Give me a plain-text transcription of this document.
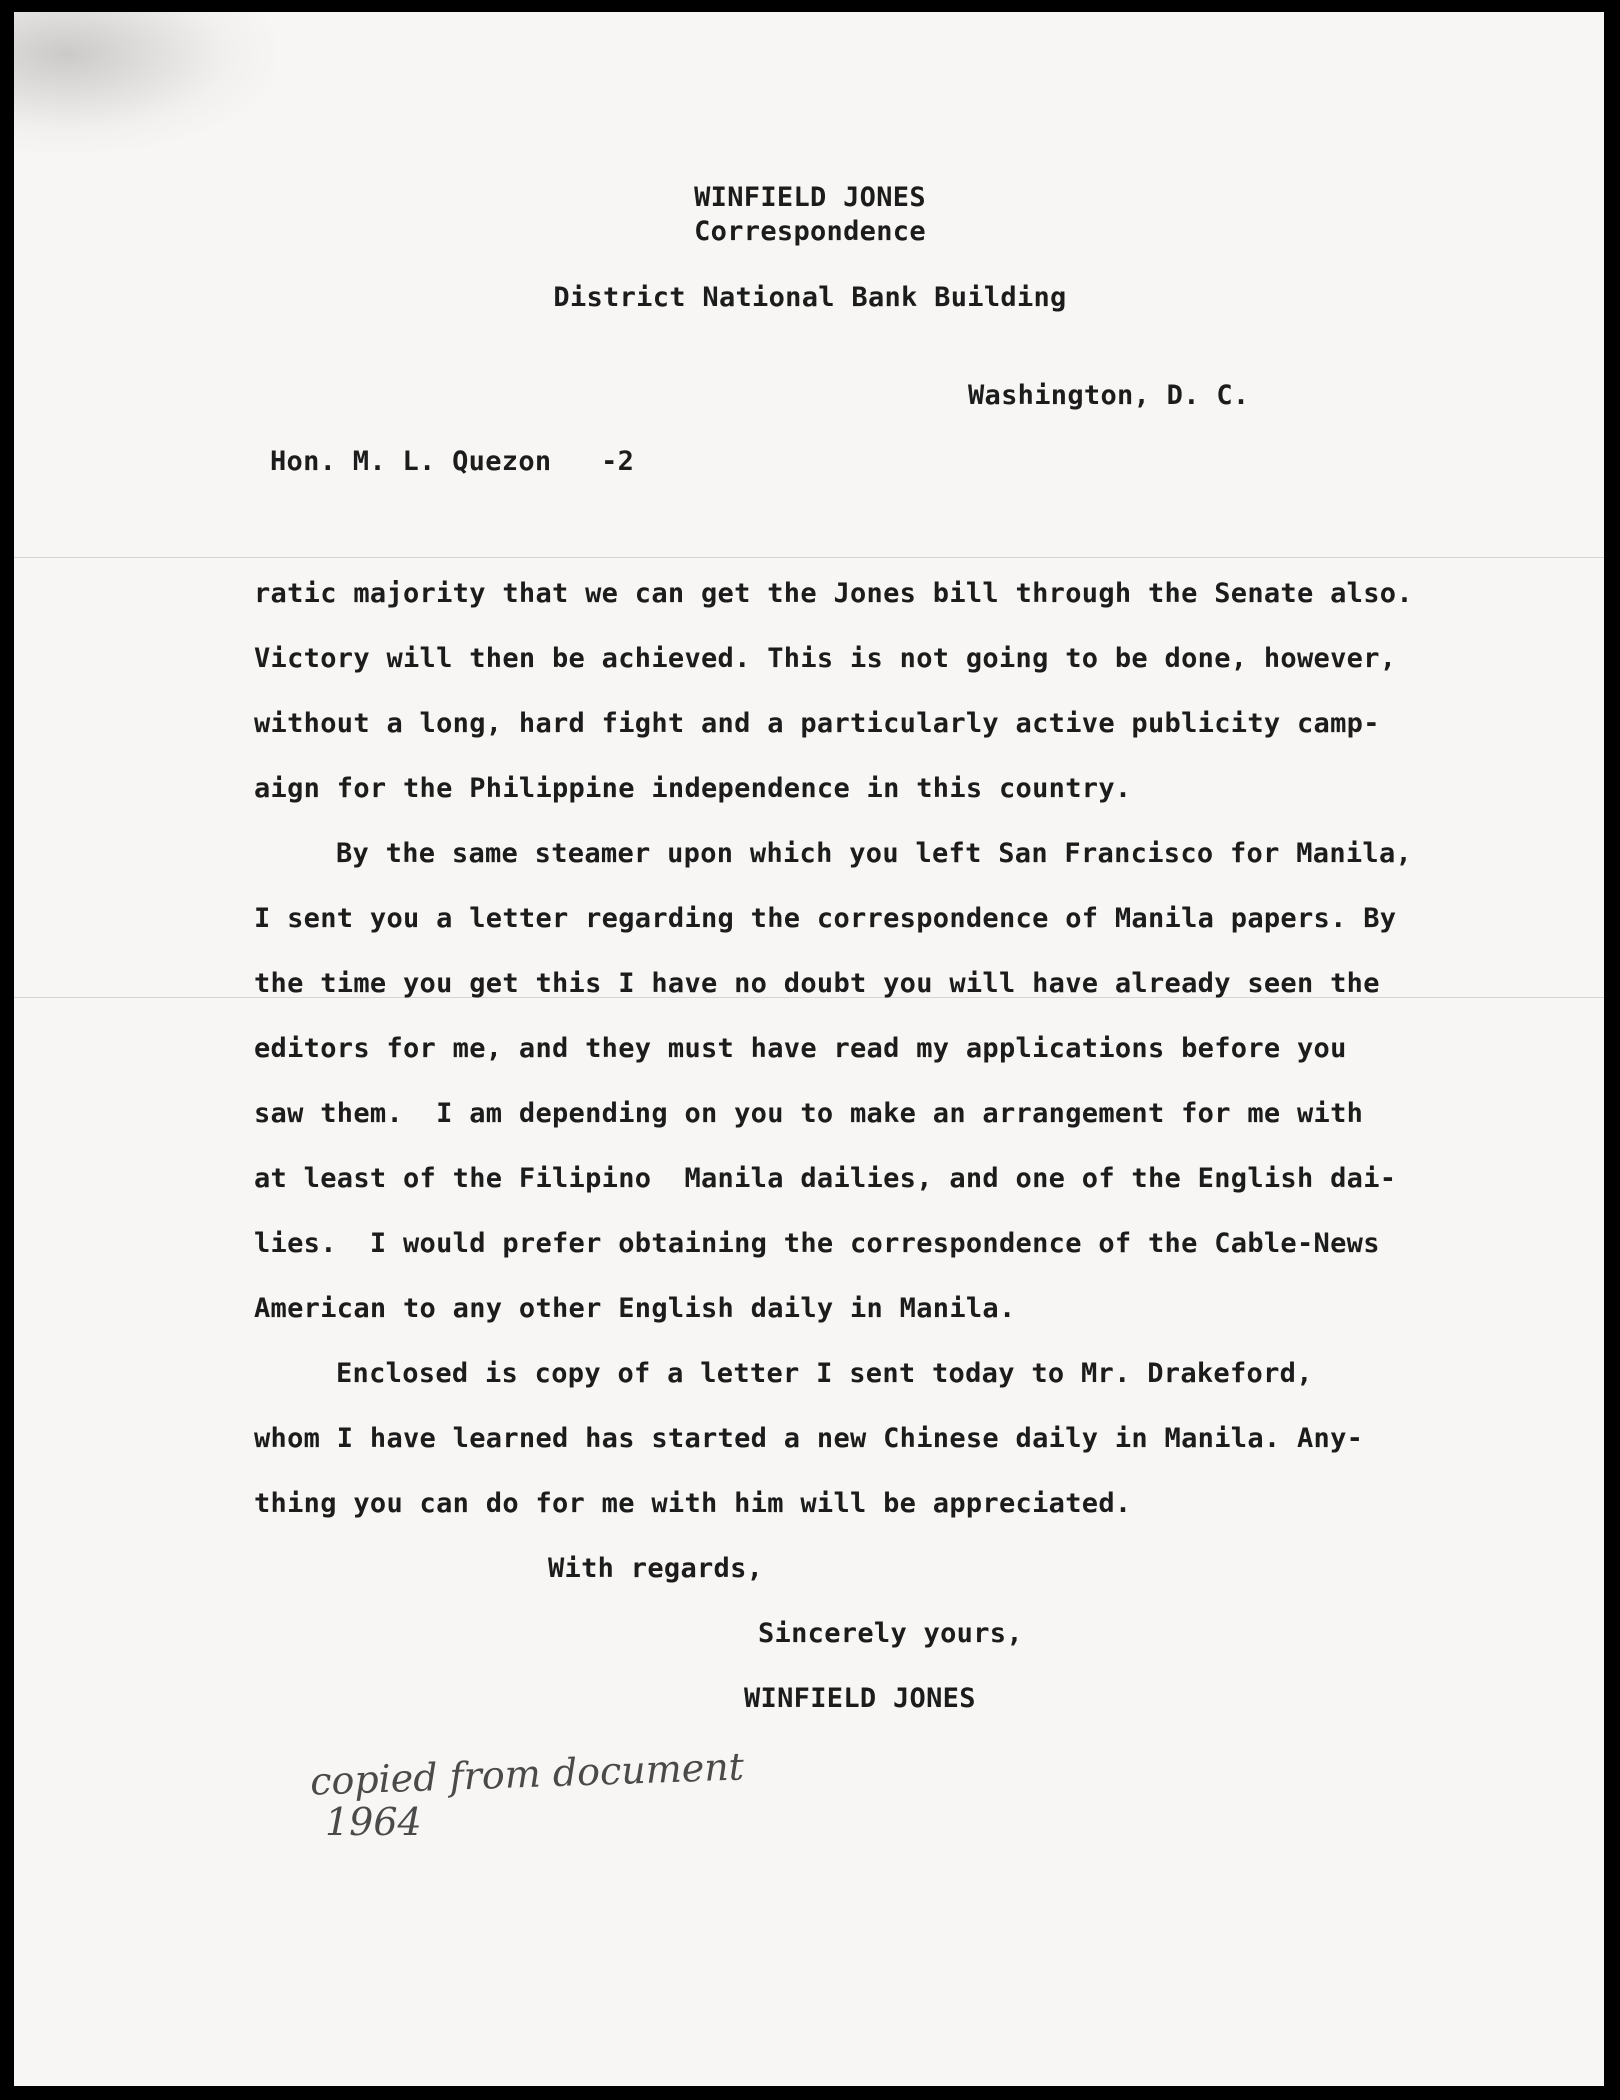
WINFIELD JONES
Correspondence
District National Bank Building
Washington, D. C.
Hon. M. L. Quezon   -2
ratic majority that we can get the Jones bill through the Senate also.
Victory will then be achieved. This is not going to be done, however,
without a long, hard fight and a particularly active publicity camp-
aign for the Philippine independence in this country.
By the same steamer upon which you left San Francisco for Manila,
I sent you a letter regarding the correspondence of Manila papers. By
the time you get this I have no doubt you will have already seen the
editors for me, and they must have read my applications before you
saw them.  I am depending on you to make an arrangement for me with
at least of the Filipino  Manila dailies, and one of the English dai-
lies.  I would prefer obtaining the correspondence of the Cable-News
American to any other English daily in Manila.
Enclosed is copy of a letter I sent today to Mr. Drakeford,
whom I have learned has started a new Chinese daily in Manila. Any-
thing you can do for me with him will be appreciated.
With regards,
Sincerely yours,
WINFIELD JONES
copied from document
1964
